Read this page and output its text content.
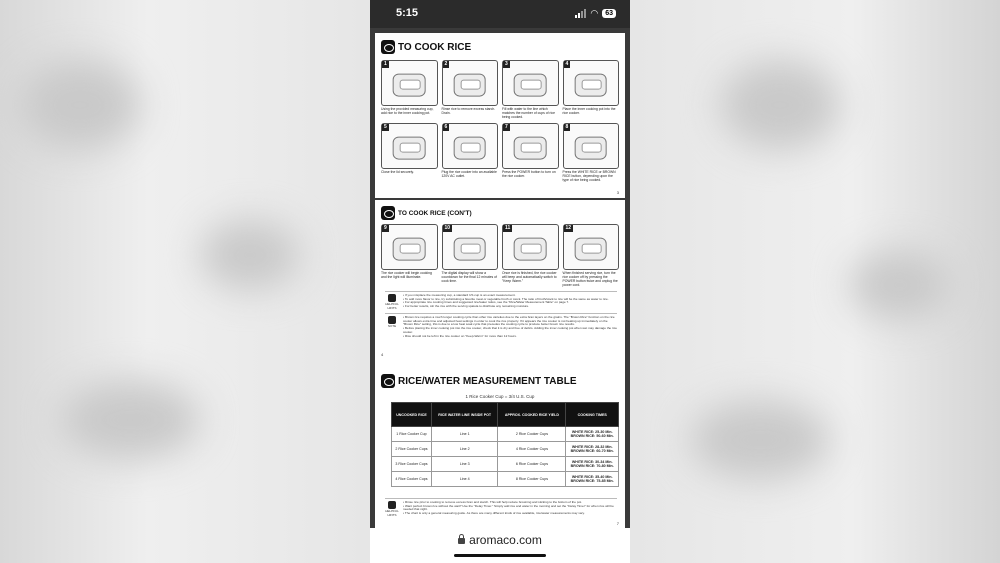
5:15	◠	63
TO COOK RICE
1
Using the provided measuring cup, add rice to the inner cooking pot.
2
Rinse rice to remove excess starch. Drain.
3
Fill with water to the line which matches the number of cups of rice being cooked.
4
Place the inner cooking pot into the rice cooker.
5
Close the lid securely.
6
Plug the rice cooker into an available 120V AC outlet.
7
Press the POWER button to turn on the rice cooker.
8
Press the WHITE RICE or BROWN RICE button, depending upon the type of rice being cooked.
3
TO COOK RICE (CON'T)
9
The rice cooker will begin cooking and the light will illuminate.
10
The digital display will show a countdown for the final 12 minutes of cook time.
11
Once rice is finished, the rice cooker will beep and automatically switch to "Keep Warm."
12
When finished serving rice, turn the rice cooker off by pressing the POWER button twice and unplug the power cord.
HELPFUL HINTS
• If you misplace the measuring cup, a standard US cup is an exact measurement.
• To add more flavor to rice, try substituting a favorite meat or vegetable broth or stock. The ratio of broth/stock to rice will be the same as water to rice.
• For appropriate rice cooking times and suggested rice/water ratios, see the "Rice/Water Measurement Table" on page 7.
• For better results, stir the rice with the serving spatula to distribute any remaining moisture.
NOTE
• Brown rice requires a much longer cooking cycle than other rice varieties due to the extra bran layers on the grains. The "Brown Rice" function on the rice cooker allows extra time and adjusted heat settings in order to cook the rice properly. If it appears the rice cooker is not heating up immediately on the "Brown Rice" setting, this is due to a low heat soak cycle that precedes the cooking cycle to produce better brown rice results.
• Before placing the inner cooking pot into the rice cooker, check that it is dry and free of debris. Adding the inner cooking pot when wet may damage the rice cooker.
• Rice should not be left in the rice cooker on "Keep-Warm" for more than 12 hours.
4
RICE/WATER MEASUREMENT TABLE
1 Rice Cooker Cup = 3/4 U.S. Cup
UNCOOKED RICE	RICE WATER LINE INSIDE POT	APPROX. COOKED RICE YIELD	COOKING TIMES
1 Rice Cooker Cup	Line 1	2 Rice Cooker Cups	WHITE RICE: 25-30 Min.
BROWN RICE: 50-60 Min.

2 Rice Cooker Cups	Line 2	4 Rice Cooker Cups	WHITE RICE: 28-32 Min.
BROWN RICE: 60-70 Min.

3 Rice Cooker Cups	Line 3	6 Rice Cooker Cups	WHITE RICE: 30-34 Min.
BROWN RICE: 70-80 Min.

4 Rice Cooker Cups	Line 4	8 Rice Cooker Cups	WHITE RICE: 35-40 Min.
BROWN RICE: 75-85 Min.
HELPFUL HINTS
• Rinse rice prior to cooking to remove excess bran and starch. This will help reduce browning and sticking to the bottom of the pot.
• Want perfect brown rice without the wait? Use the "Delay Timer." Simply add rice and water in the morning and set the "Delay Timer" for when rice will be needed that night.
• The chart is only a general measuring guide. As there are many different kinds of rice available, rice/water measurements may vary.
7
aromaco.com
